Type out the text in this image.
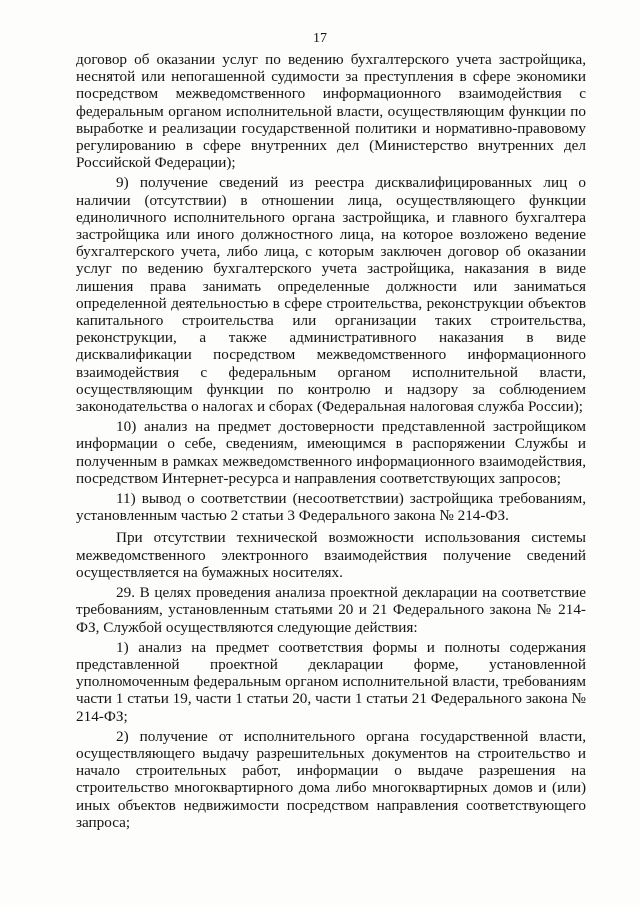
17

договор об оказании услуг по ведению бухгалтерского учета застройщика, неснятой или непогашенной судимости за преступления в сфере экономики посредством межведомственного информационного взаимодействия с федеральным органом исполнительной власти, осуществляющим функции по выработке и реализации государственной политики и нормативно-правовому регулированию в сфере внутренних дел (Министерство внутренних дел Российской Федерации);

9) получение сведений из реестра дисквалифицированных лиц о наличии (отсутствии) в отношении лица, осуществляющего функции единоличного исполнительного органа застройщика, и главного бухгалтера застройщика или иного должностного лица, на которое возложено ведение бухгалтерского учета, либо лица, с которым заключен договор об оказании услуг по ведению бухгалтерского учета застройщика, наказания в виде лишения права занимать определенные должности или заниматься определенной деятельностью в сфере строительства, реконструкции объектов капитального строительства или организации таких строительства, реконструкции, а также административного наказания в виде дисквалификации посредством межведомственного информационного взаимодействия с федеральным органом исполнительной власти, осуществляющим функции по контролю и надзору за соблюдением законодательства о налогах и сборах (Федеральная налоговая служба России);

10) анализ на предмет достоверности представленной застройщиком информации о себе, сведениям, имеющимся в распоряжении Службы и полученным в рамках межведомственного информационного взаимодействия, посредством Интернет-ресурса и направления соответствующих запросов;

11) вывод о соответствии (несоответствии) застройщика требованиям, установленным частью 2 статьи 3 Федерального закона № 214-ФЗ.

При отсутствии технической возможности использования системы межведомственного электронного взаимодействия получение сведений осуществляется на бумажных носителях.

29. В целях проведения анализа проектной декларации на соответствие требованиям, установленным статьями 20 и 21 Федерального закона № 214-ФЗ, Службой осуществляются следующие действия:

1) анализ на предмет соответствия формы и полноты содержания представленной проектной декларации форме, установленной уполномоченным федеральным органом исполнительной власти, требованиям части 1 статьи 19, части 1 статьи 20, части 1 статьи 21 Федерального закона № 214-ФЗ;

2) получение от исполнительного органа государственной власти, осуществляющего выдачу разрешительных документов на строительство и начало строительных работ, информации о выдаче разрешения на строительство многоквартирного дома либо многоквартирных домов и (или) иных объектов недвижимости посредством направления соответствующего запроса;
